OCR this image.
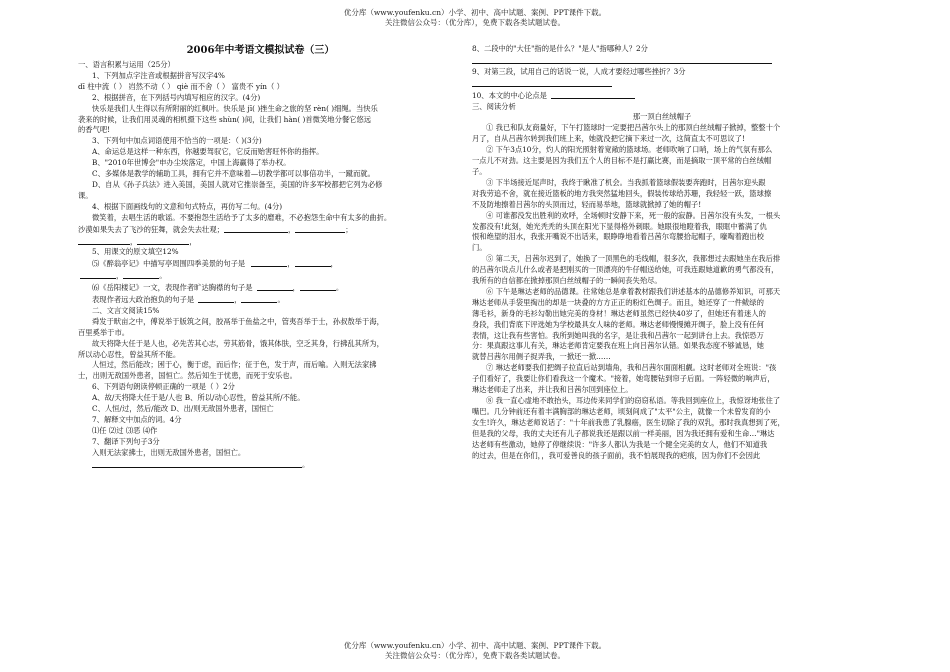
优分库（www.youfenku.cn）小学、初中、高中试题、案例、PPT课件下载。
关注微信公众号：（优分库），免费下载各类试题试卷。

2006年中考语文模拟试卷（三）

一、语言积累与运用（25分）

1、下列加点字注音或根据拼音写汉字4%

dī 柱中流（ ） 岿然不动（ ） qiè 而不舍（ ） 富贵不 yín（ ）

2、根据拼音，在下列括号内填写相应的汉字。(4分)

快乐是我们人生得以有所附丽的红枫叶。快乐是 jī( )挫生命之旅的坚 rèn( )细绳。当快乐

袭来的时候，让我们用灵魂的相机摄下这些 shùn( )间，让我们 hàn( )首微笑地分餐它悠远

的香气吧!

3、下列句中加点词语使用不恰当的一项是：（ )(3分)

A、命运总是这样一种东西，你越要驾驭它，它反而贻害旺怀你的指挥。

B、"2010年世博会"申办尘埃落定，中国上海赢得了举办权。

C、多媒体是教学的辅助工具，拥有它并不意味着—切教学都可以事倍功半，一蹴而就。

D、自从《孙子兵法》进入美国，美国人就对它推崇备至，美国的许多军校都把它列为必修

课。

4、根据下面画线句的文意和句式特点，再仿写二句。(4分)

微笑着，去唱生活的歌谣。不要抱怨生活给予了太多的磨难，不必抱怨生命中有太多的曲折。

沙漠如果失去了飞沙的狂舞，就会失去壮观；	，	；

，	，

5、用课文的原文填空12%

⑸《醉翁亭记》中描写亭周围四季美景的句子是	，	，

，	。

⑹《岳阳楼记》一文，表现作者旷达胸襟的句子是	，	。

表现作者远大政治抱负的句子是	，	。

二、文言文阅读15%

舜发于畎亩之中，傅说举于版筑之间，胶鬲举于鱼盐之中，管夷吾举于士，孙叔敖举于海，

百里奚举于市。

故天将降大任于是人也，必先苦其心志，劳其筋骨，饿其体肤，空乏其身，行拂乱其所为，

所以动心忍性，曾益其所不能。

人恒过，然后能改；困于心，衡于虑，而后作；征于色，发于声，而后喻。入则无法家拂

士，出则无敌国外患者，国恒亡。然后知生于忧患，而死于安乐也。

6、下列语句朗读停顿正确的一项是（ ）2分

A、故/天将降大任于是/人也 B、所以/动心忍性，曾益其所/不能。

C、人恒/过，然后/能改 D、出/则无敌国外患者，国恒亡

7、解释文中加点的词。4分

⑴任 ⑵过 ⑶恶 ⑷作

7、翻译下列句子3分

入则无法家拂士，出则无敌国外患者，国恒亡。

。

8、二段中的"大任"指的是什么？"是人"指哪种人？2分

9、对第三段，试用自己的话说一说，人成才要经过哪些挫折？3分

10、本文的中心论点是

三、阅读分析

那一顶白丝绒帽子

① 我已和队友商量好，下午打篮球时一定要把吕茜尔头上的那顶白丝绒帽子掀掉，整整十个

月了，自从吕茜尔转到我们班上来，她就没把它摘下来过一次，这简直太不可思议了!

② 下午3点10分，灼人的阳光照射着宽敞的篮球场。老师吹响了口哨，场上的气氛有那么

一点儿不对劲。这主要是因为我们五个人的目标不是打赢比赛，而是摘取一顶平常的白丝绒帽

子。

③ 下半场接近尾声时，我终于瞅准了机会。当我抓着篮球假装要奔跑时，吕茜尔迎头跟

对我劳追不舍，就在接近篮板的地方我突然猛地回头，假装传球给苏珊，我轻轻一跃，篮球擦

不及防地擦着吕茜尔的头顶而过，轻而易举地，篮球就掀掉了她的帽子!

④ 可谁都没发出胜利的欢呼，全场顿时安静下来，死一般的寂静。吕茜尔没有头发，一根头

发都没有!此刻，她光秃秃的头顶在阳光下显得格外刺眼。她眼很地瞪着我，眼眶中蓄满了仇

恨和绝望的泪水，我张开嘴说不出话来，眼睁睁地看着吕茜尔弯腰拾起帽子，嚎啕着跑出校

门。

⑤ 第二天，吕茜尔迟到了，她换了一顶黑色的毛线帽，很多次，我都想过去跟她坐在我后排

的吕茜尔说点儿什么或者是把刚买的一顶漂亮的牛仔帽送给她，可我连跟她道歉的勇气都没有，

我所有的自信都在掀掉那顶白丝绒帽子的一瞬间丧失殆尽。

⑥ 下午是琳达老师的品德课。往常她总是拿着教材跟我们讲述基本的品德修养知识，可那天

琳达老师从手袋里掏出的却是一块叠的方方正正的粉红色绸子。而且，她还穿了一件鲅绿的

薄毛衫，新身的毛衫勾勒出她完美的身材！琳达老师虽然已经快40岁了，但她还有着迷人的

身段，我们背底下评选她为学校最具女人味的老师。琳达老师慢慢摊开绸子，脸上没有任何

表情，这让我有些害怕。我所到她叫我的名字，是让我和吕茜尔一起到讲台上去。我惊恐万

分：果真跟这事儿有关，琳达老师肯定要我在班上向吕茜尔认错。如果我态度不够诚恳，她

就替吕茜尔用侧子捉弄我，一掀还一掀……

⑦ 琳达老师要我们把绸子拉直后站到墙角，我和吕茜尔面面相觑。这时老师对全班说："孩

子们看好了，我要让你们看我这一个魔术。"接着，她弯腰钻到帘子后面。一阵轻微的响声后，

琳达老师走了出来，并让我和吕茜尔回到座位上。

⑧ 我一直心虚地不敢抬头，耳边传来同学们的窃窃私语。等我回到座位上，我惊讶地张住了

嘴巴。几分钟前还有着丰满胸部的琳达老师，顷刻间成了"太平"公主，就像一个未曾发育的小

女生!许久，琳达老师说话了："十年前我患了乳腺癌，医生切除了我的双乳，那时我真想到了死，

但是我的父母，我的丈夫还有儿子都说我还是跟以前一样美丽，因为我还拥有爱和生命…"琳达

达老师有些激动，她停了停继续说："许多人都认为我是一个健全完美的女人，他们不知道我

的过去，但是在你们，，我可爱善良的孩子面前，我不怕展现我的疤痕，因为你们不会因此

优分库（www.youfenku.cn）小学、初中、高中试题、案例、PPT课件下载。
关注微信公众号：（优分库），免费下载各类试题试卷。
